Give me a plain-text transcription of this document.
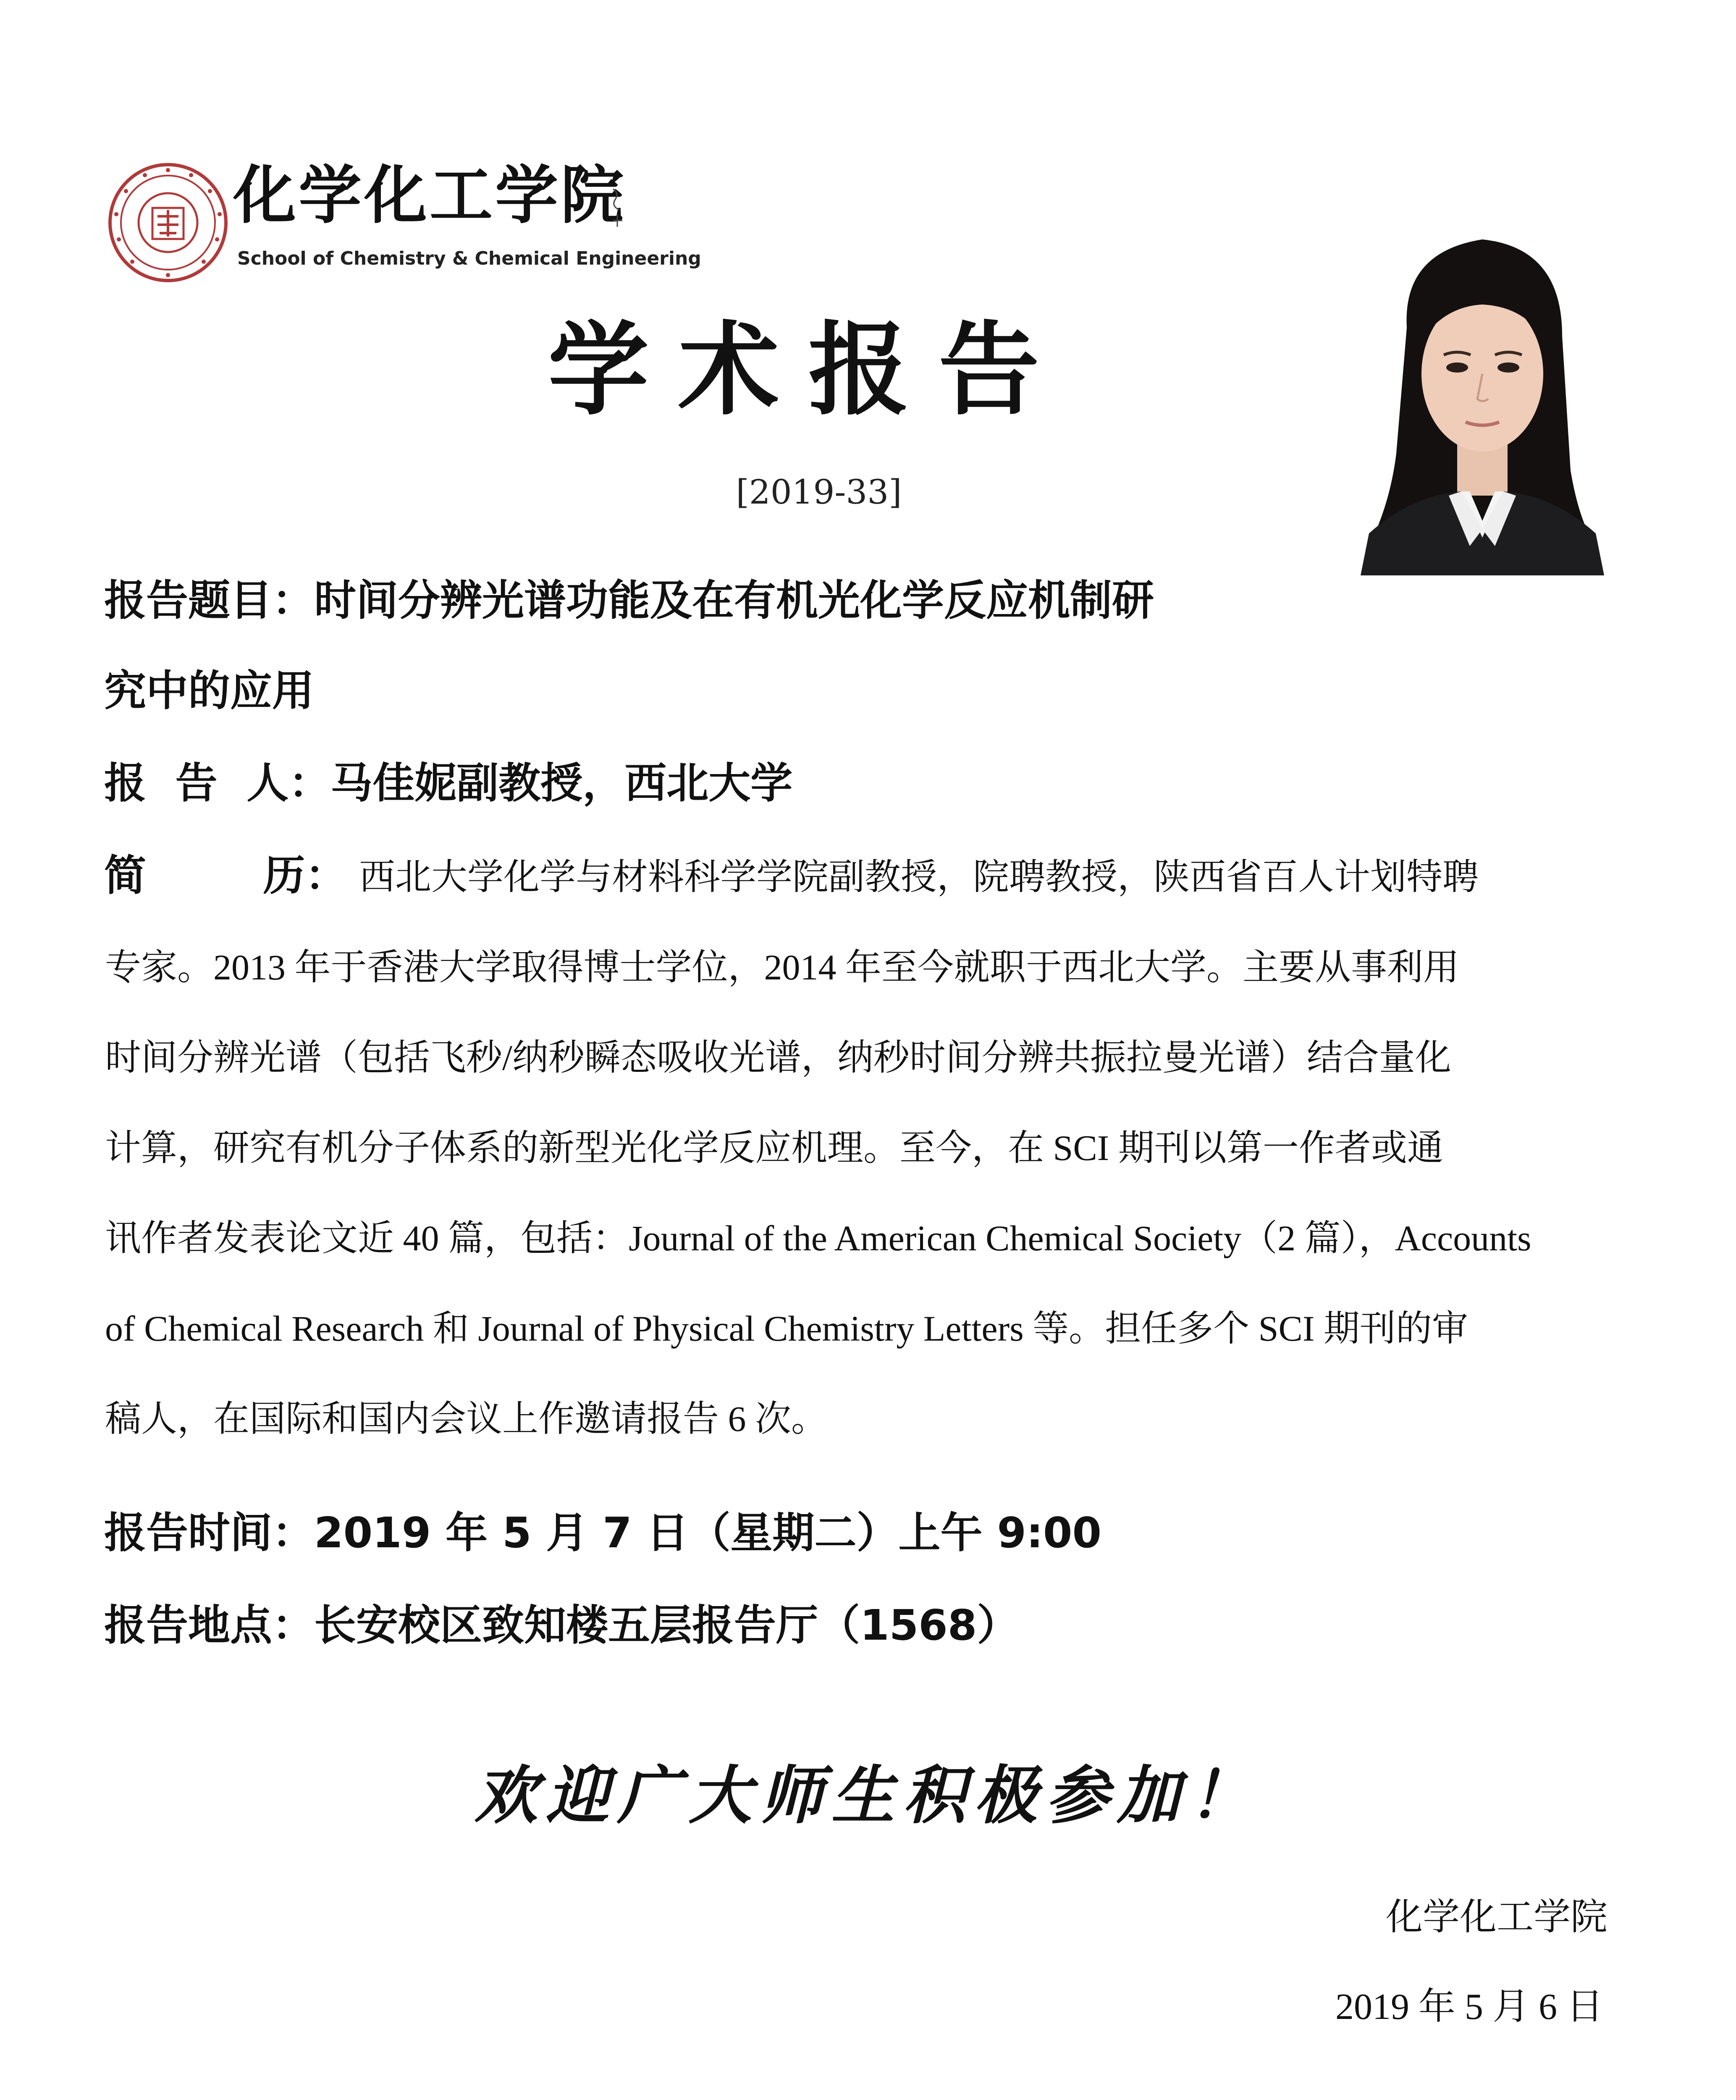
化学化工学院
School of Chemistry & Chemical Engineering
学术报告
[2019-33]
报告题目：时间分辨光谱功能及在有机光化学反应机制研
究中的应用
报  告  人：马佳妮副教授，西北大学
简        历： 西北大学化学与材料科学学院副教授，院聘教授，陕西省百人计划特聘
专家。2013 年于香港大学取得博士学位，2014 年至今就职于西北大学。主要从事利用
时间分辨光谱（包括飞秒/纳秒瞬态吸收光谱，纳秒时间分辨共振拉曼光谱）结合量化
计算，研究有机分子体系的新型光化学反应机理。至今，在 SCI 期刊以第一作者或通
讯作者发表论文近 40 篇，包括：Journal of the American Chemical Society（2 篇），Accounts
of Chemical Research 和 Journal of Physical Chemistry Letters 等。担任多个 SCI 期刊的审
稿人，在国际和国内会议上作邀请报告 6 次。
报告时间：2019 年 5 月 7 日（星期二）上午 9:00
报告地点：长安校区致知楼五层报告厅（1568）
欢迎广大师生积极参加！
化学化工学院
2019 年 5 月 6 日
